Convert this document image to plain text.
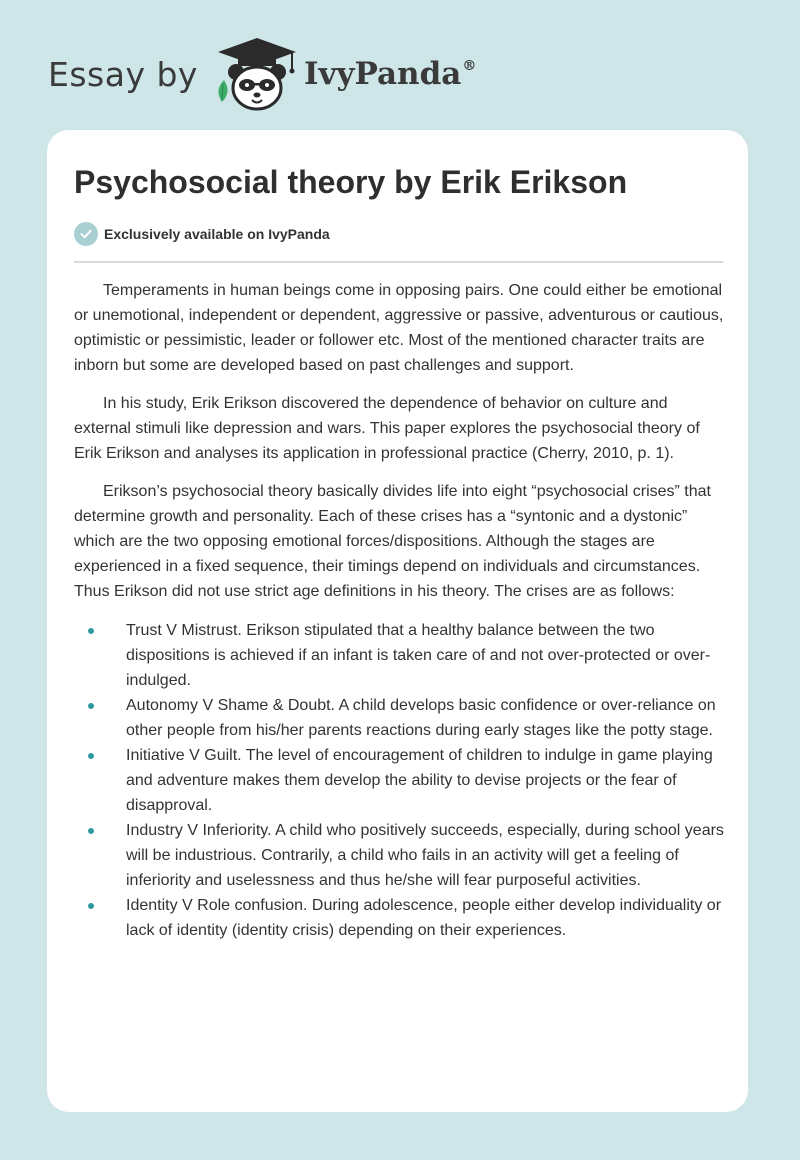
Essay by	IvyPanda®
Psychosocial theory by Erik Erikson
Exclusively available on IvyPanda

Temperaments in human beings come in opposing pairs. One could either be emotional or unemotional, independent or dependent, aggressive or passive, adventurous or cautious, optimistic or pessimistic, leader or follower etc. Most of the mentioned character traits are inborn but some are developed based on past challenges and support.

In his study, Erik Erikson discovered the dependence of behavior on culture and external stimuli like depression and wars. This paper explores the psychosocial theory of Erik Erikson and analyses its application in professional practice (Cherry, 2010, p. 1).

Erikson’s psychosocial theory basically divides life into eight “psychosocial crises” that determine growth and personality. Each of these crises has a “syntonic and a dystonic” which are the two opposing emotional forces/dispositions. Although the stages are experienced in a fixed sequence, their timings depend on individuals and circumstances. Thus Erikson did not use strict age definitions in his theory. The crises are as follows:

Trust V Mistrust. Erikson stipulated that a healthy balance between the two dispositions is achieved if an infant is taken care of and not over-protected or over-indulged.
Autonomy V Shame & Doubt. A child develops basic confidence or over-reliance on other people from his/her parents reactions during early stages like the potty stage.
Initiative V Guilt. The level of encouragement of children to indulge in game playing and adventure makes them develop the ability to devise projects or the fear of disapproval.
Industry V Inferiority. A child who positively succeeds, especially, during school years will be industrious. Contrarily, a child who fails in an activity will get a feeling of inferiority and uselessness and thus he/she will fear purposeful activities.
Identity V Role confusion. During adolescence, people either develop individuality or lack of identity (identity crisis) depending on their experiences.
